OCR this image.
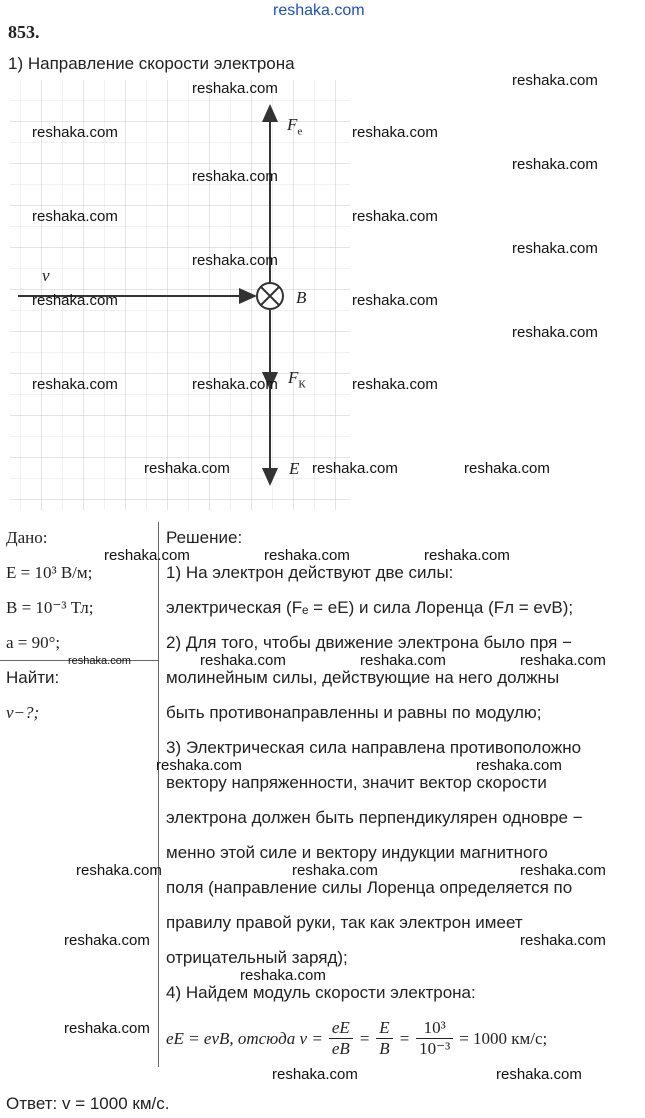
reshaka.com
853.
1) Направление скорости электрона
$F_e$
B
$F_К$
E
v
Дано:
E = 10³ В/м;
B = 10⁻³ Тл;
a = 90°;
Найти:
v−?;
Решение:
1) На электрон действуют две силы:
электрическая (Fₑ = eE) и сила Лоренца (Fл = evB);
2) Для того, чтобы движение электрона было пря −
молинейным силы, действующие на него должны
быть противонаправленны и равны по модулю;
3) Электрическая сила направлена противоположно
вектору напряженности, значит вектор скорости
электрона должен быть перпендикулярен одновре −
менно этой силе и вектору индукции магнитного
поля (направление силы Лоренца определяется по
правилу правой руки, так как электрон имеет
отрицательный заряд);
4) Найдем модуль скорости электрона:
eE = evB, отсюда $v = \frac{eE}{eB} = \frac{E}{B} = \frac{\text{10³}}{\text{10⁻³}} = 1000$ км/с;
Ответ: v = 1000 км/с.
reshaka.com
reshaka.com
reshaka.com	reshaka.com
reshaka.com
reshaka.com
reshaka.com	reshaka.com
reshaka.com
reshaka.com
reshaka.com	reshaka.com
reshaka.com
reshaka.com	reshaka.com	reshaka.com
reshaka.com	reshaka.com	reshaka.com
reshaka.com	reshaka.com	reshaka.com
reshaka.com	reshaka.com	reshaka.com	reshaka.com
reshaka.com	reshaka.com
reshaka.com	reshaka.com	reshaka.com
reshaka.com	reshaka.com
reshaka.com
reshaka.com
reshaka.com	reshaka.com
